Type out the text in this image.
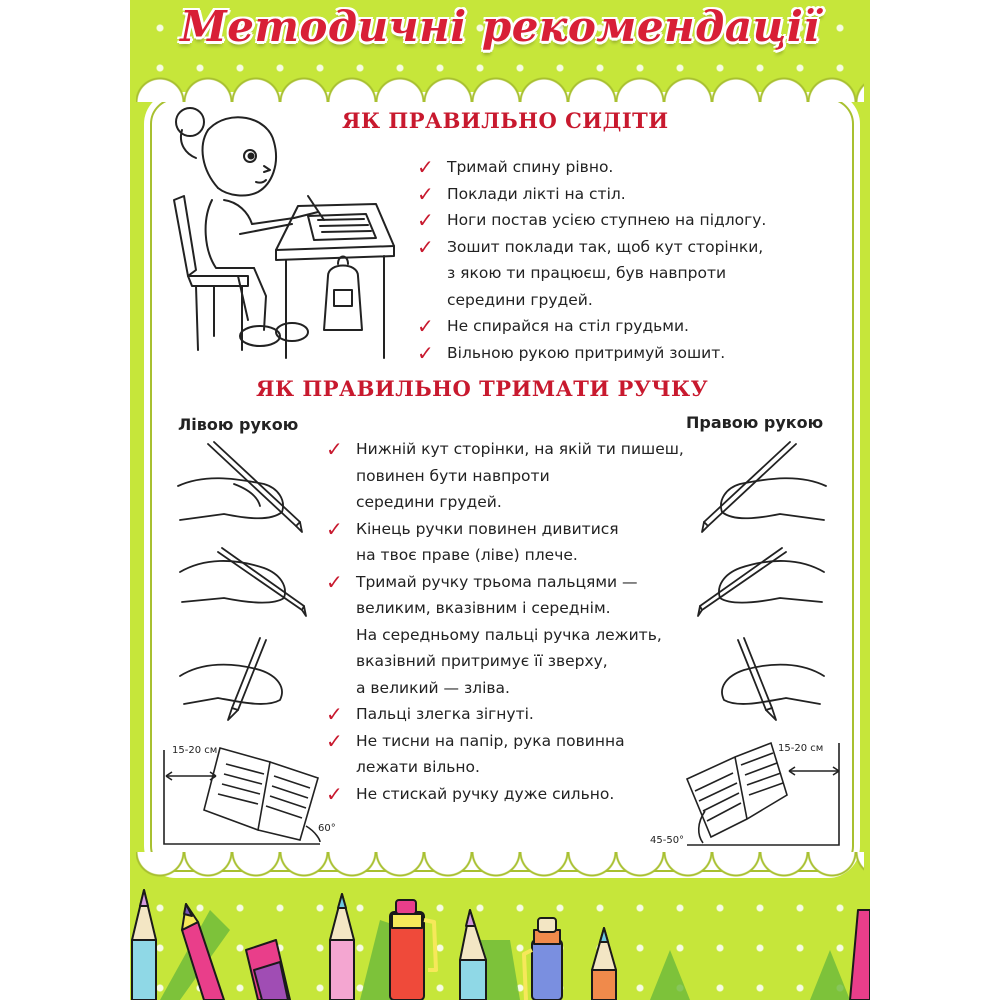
Методичні рекомендації
ЯК ПРАВИЛЬНО СИДІТИ
✓ Тримай спину рівно.
✓ Поклади лікті на стіл.
✓ Ноги постав усією ступнею на підлогу.
✓ Зошит поклади так, щоб кут сторінки,
з якою ти працюєш, був навпроти
середини грудей.
✓ Не спирайся на стіл грудьми.
✓ Вільною рукою притримуй зошит.
ЯК ПРАВИЛЬНО ТРИМАТИ РУЧКУ
Лівою рукою	Правою рукою
✓ Нижній кут сторінки, на якій ти пишеш,
повинен бути навпроти
середини грудей.
✓ Кінець ручки повинен дивитися
на твоє праве (ліве) плече.
✓ Тримай ручку трьома пальцями —
великим, вказівним і середнім.
На середньому пальці ручка лежить,
вказівний притримує її зверху,
а великий — зліва.
✓ Пальці злегка зігнуті.
✓ Не тисни на папір, рука повинна
лежати вільно.
✓ Не стискай ручку дуже сильно.
15-20 см
60°
15-20 см
45-50°
